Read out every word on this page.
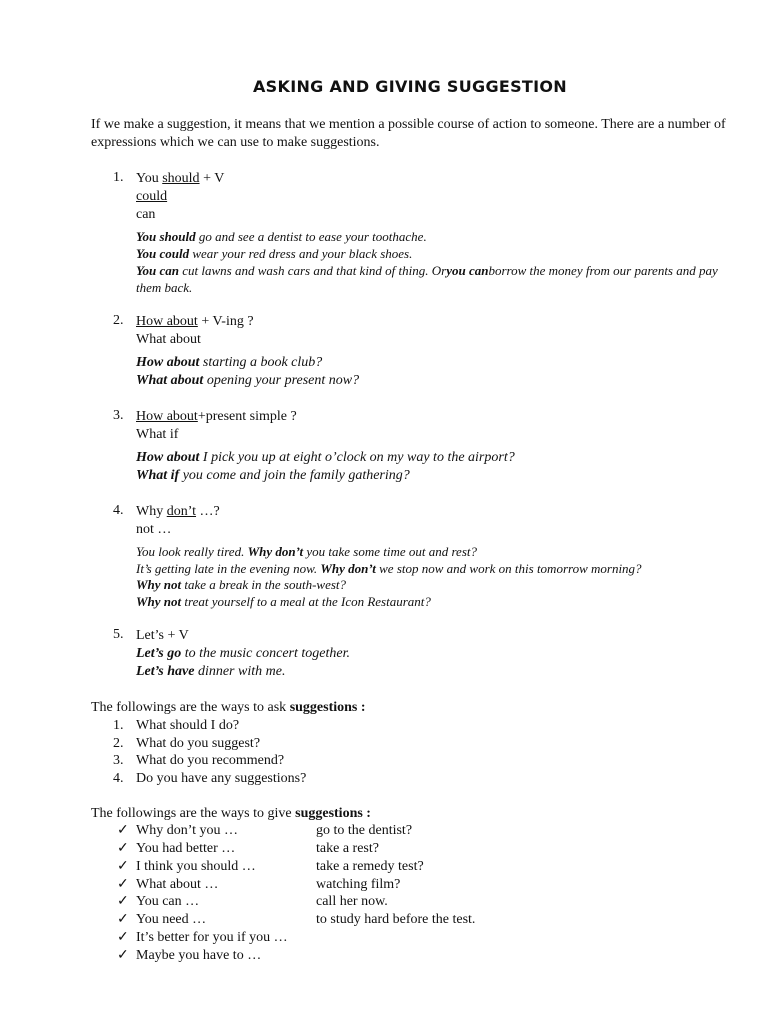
ASKING AND GIVING SUGGESTION
If we make a suggestion, it means that we mention a possible course of action to someone. There are a number of expressions which we can use to make suggestions.
1. You should + V
could
can
You should go and see a dentist to ease your toothache.
You could wear your red dress and your black shoes.
You can cut lawns and wash cars and that kind of thing. Oryou canborrow the money from our parents and pay them back.
2. How about + V-ing ?
What about
How about starting a book club?
What about opening your present now?
3. How about+present simple ?
What if
How about I pick you up at eight o’clock on my way to the airport?
What if you come and join the family gathering?
4. Why don’t …?
not …
You look really tired. Why don’t you take some time out and rest?
It’s getting late in the evening now. Why don’t we stop now and work on this tomorrow morning?
Why not take a break in the south-west?
Why not treat yourself to a meal at the Icon Restaurant?
5. Let’s + V
Let’s go to the music concert together.
Let’s have dinner with me.
The followings are the ways to ask suggestions :
1. What should I do?
2. What do you suggest?
3. What do you recommend?
4. Do you have any suggestions?
The followings are the ways to give suggestions :
✓ Why don’t you …	go to the dentist?
✓ You had better …	take a rest?
✓ I think you should …	take a remedy test?
✓ What about …	watching film?
✓ You can …	call her now.
✓ You need …	to study hard before the test.
✓ It’s better for you if you …
✓ Maybe you have to …
